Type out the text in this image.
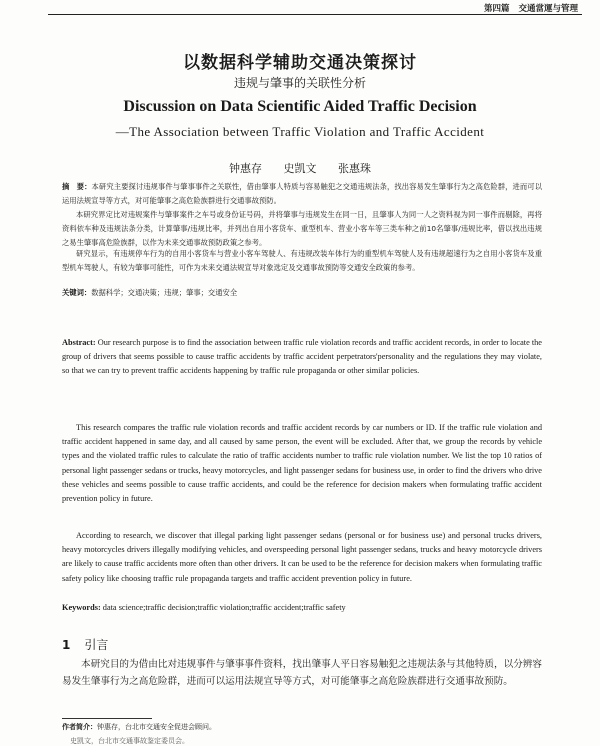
第四篇 交通當運与管理
以数据科学辅助交通决策探讨
违规与肇事的关联性分析
Discussion on Data Scientific Aided Traffic Decision
—The Association between Traffic Violation and Traffic Accident
钟惠存 史凯文 张惠珠
摘　要：本研究主要探讨违规事件与肇事事件之关联性，借由肇事人特质与容易触犯之交通违规法条，找出容易发生肇事行为之高危险群，进而可以运用法规宣导等方式，对可能肇事之高危险族群进行交通事故预防。
本研究界定比对违规案件与肇事案件之车号或身份证号码，并将肇事与违规发生在同一日，且肇事人为同一人之资料视为同一事件而剔除，再将资料依车种及违规法条分类，计算肇事/违规比率，并列出自用小客货车、重型机车、营业小客车等三类车种之前10名肇事/违规比率，借以找出违规之易生肇事高危险族群，以作为未来交通事故预防政策之参考。
研究显示，有违规停车行为的自用小客货车与营业小客车驾驶人、有违规改装车体行为的重型机车驾驶人及有违规超速行为之自用小客货车及重型机车驾驶人，有较为肇事可能性，可作为未来交通法规宣导对象选定及交通事故预防等交通安全政策的参考。
关键词：数据科学；交通决策；违规；肇事；交通安全
Abstract: Our research purpose is to find the association between traffic rule violation records and traffic accident records, in order to locate the group of drivers that seems possible to cause traffic accidents by traffic accident perpetrators'personality and the regulations they may violate, so that we can try to prevent traffic accidents happening by traffic rule propaganda or other similar policies.
This research compares the traffic rule violation records and traffic accident records by car numbers or ID. If the traffic rule violation and traffic accident happened in same day, and all caused by same person, the event will be excluded. After that, we group the records by vehicle types and the violated traffic rules to calculate the ratio of traffic accidents number to traffic rule violation number. We list the top 10 ratios of personal light passenger sedans or trucks, heavy motorcycles, and light passenger sedans for business use, in order to find the drivers who drive these vehicles and seems possible to cause traffic accidents, and could be the reference for decision makers when formulating traffic accident prevention policy in future.
According to research, we discover that illegal parking light passenger sedans (personal or for business use) and personal trucks drivers, heavy motorcycles drivers illegally modifying vehicles, and overspeeding personal light passenger sedans, trucks and heavy motorcycle drivers are likely to cause traffic accidents more often than other drivers. It can be used to be the reference for decision makers when formulating traffic safety policy like choosing traffic rule propaganda targets and traffic accident prevention policy in future.
Keywords: data science;traffic decision;traffic violation;traffic accident;traffic safety
1 引言
本研究目的为借由比对违规事件与肇事事件资料，找出肇事人平日容易触犯之违规法条与其他特质，以分辨容易发生肇事行为之高危险群，进而可以运用法规宣导等方式，对可能肇事之高危险族群进行交通事故预防。
作者简介：钟惠存，台北市交通安全促进会顾问。
史凯文，台北市交通事故鉴定委员会。
